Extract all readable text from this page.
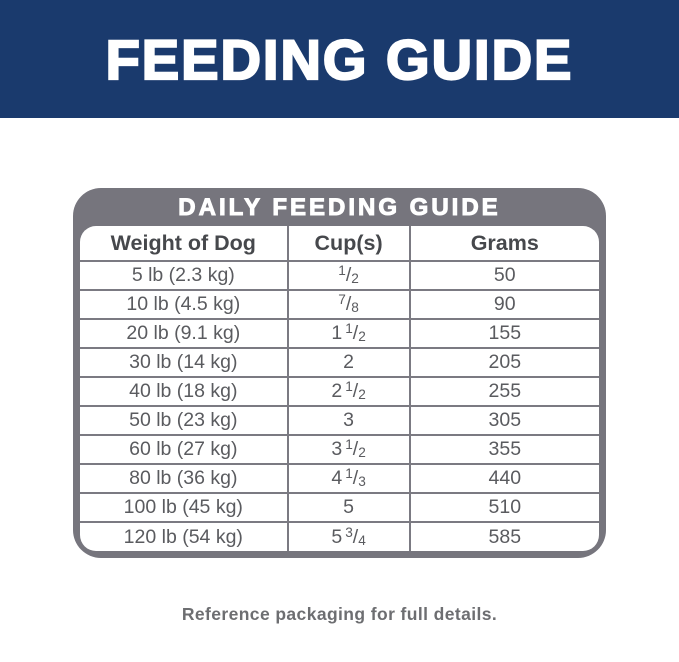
FEEDING GUIDE
DAILY FEEDING GUIDE
Weight of Dog	Cup(s)	Grams
5 lb (2.3 kg)	$^1$/2	50
10 lb (4.5 kg)	$^7$/8	90
20 lb (9.1 kg)	1 $^1$/2	155
30 lb (14 kg)	2	205
40 lb (18 kg)	2 $^1$/2	255
50 lb (23 kg)	3	305
60 lb (27 kg)	3 $^1$/2	355
80 lb (36 kg)	4 $^1$/3	440
100 lb (45 kg)	5	510
120 lb (54 kg)	5 $^3$/4	585
Reference packaging for full details.
